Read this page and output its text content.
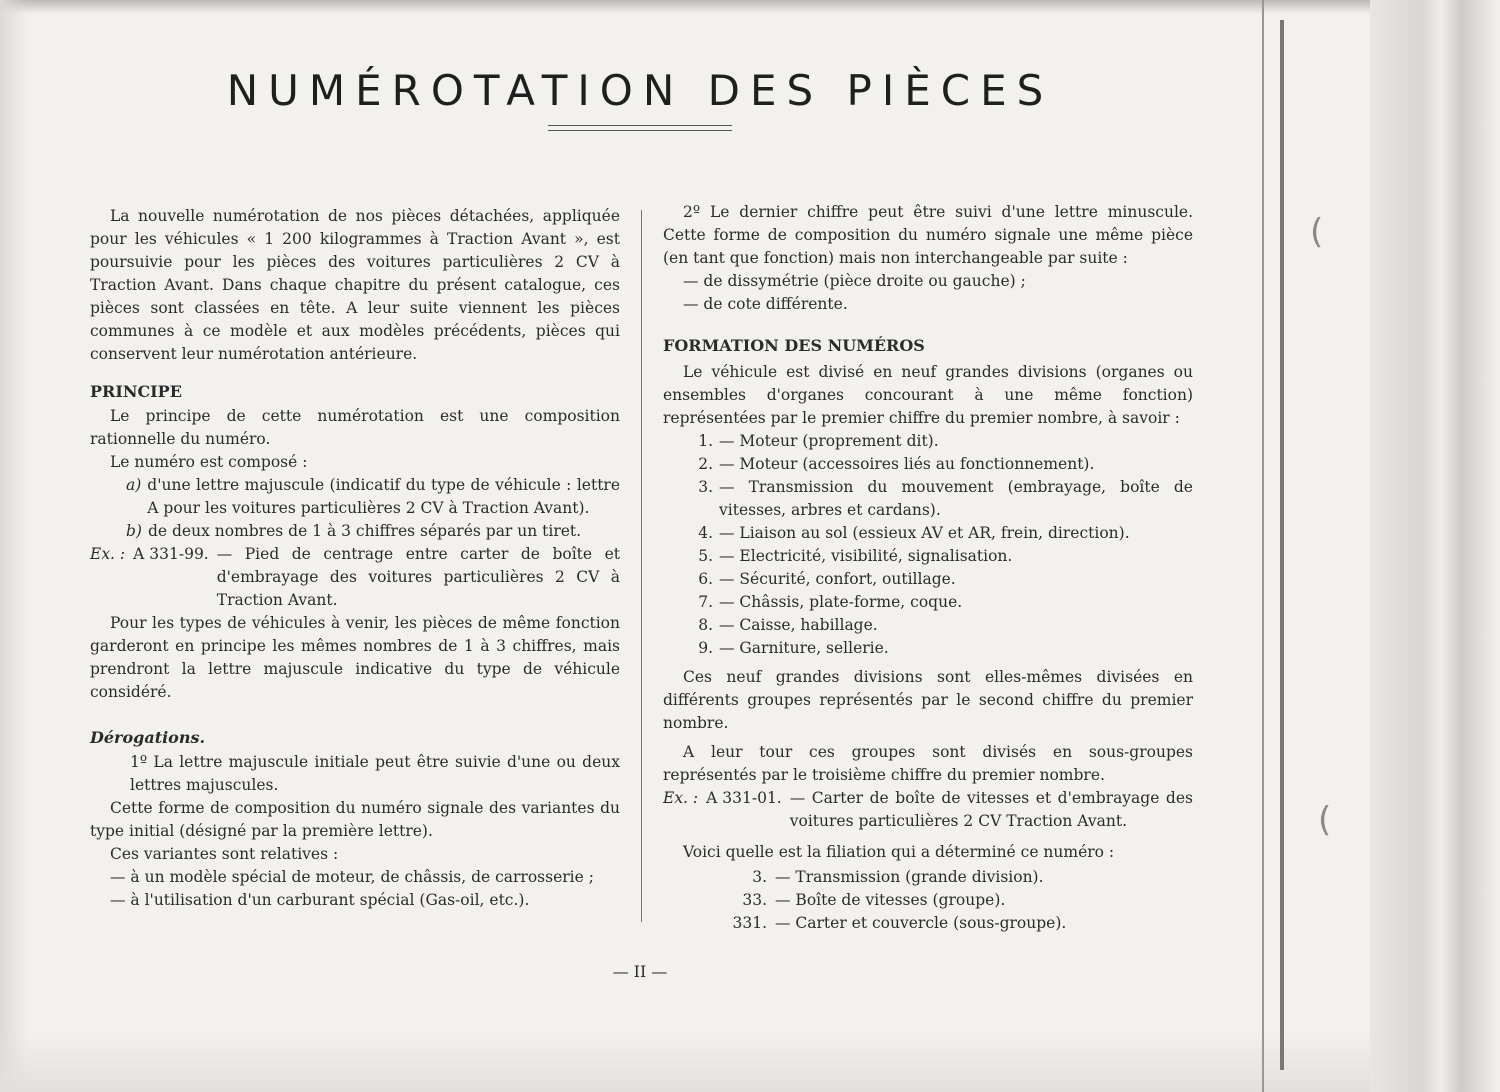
(
(
NUMÉROTATION DES PIÈCES

La nouvelle numérotation de nos pièces détachées, appliquée pour les véhicules « 1 200 kilogrammes à Traction Avant », est poursuivie pour les pièces des voitures particulières 2 CV à Traction Avant. Dans chaque chapitre du présent catalogue, ces pièces sont classées en tête. A leur suite viennent les pièces communes à ce modèle et aux modèles précédents, pièces qui conservent leur numérotation antérieure.

PRINCIPE

Le principe de cette numérotation est une composition rationnelle du numéro.

Le numéro est composé :

a) d'une lettre majuscule (indicatif du type de véhicule : lettre A pour les voitures particulières 2 CV à Traction Avant).
b) de deux nombres de 1 à 3 chiffres séparés par un tiret.
Ex. : A 331-99. — Pied de centrage entre carter de boîte et d'embrayage des voitures particulières 2 CV à Traction Avant.

Pour les types de véhicules à venir, les pièces de même fonction garderont en principe les mêmes nombres de 1 à 3 chiffres, mais prendront la lettre majuscule indicative du type de véhicule considéré.

Dérogations.

1º La lettre majuscule initiale peut être suivie d'une ou deux lettres majuscules.

Cette forme de composition du numéro signale des variantes du type initial (désigné par la première lettre).

Ces variantes sont relatives :

— à un modèle spécial de moteur, de châssis, de carrosserie ;

— à l'utilisation d'un carburant spécial (Gas-oil, etc.).

2º Le dernier chiffre peut être suivi d'une lettre minuscule. Cette forme de composition du numéro signale une même pièce (en tant que fonction) mais non interchangeable par suite :

— de dissymétrie (pièce droite ou gauche) ;

— de cote différente.

FORMATION DES NUMÉROS

Le véhicule est divisé en neuf grandes divisions (organes ou ensembles d'organes concourant à une même fonction) représentées par le premier chiffre du premier nombre, à savoir :

1. — Moteur (proprement dit).
2. — Moteur (accessoires liés au fonctionnement).
3. — Transmission du mouvement (embrayage, boîte de vitesses, arbres et cardans).
4. — Liaison au sol (essieux AV et AR, frein, direction).
5. — Electricité, visibilité, signalisation.
6. — Sécurité, confort, outillage.
7. — Châssis, plate-forme, coque.
8. — Caisse, habillage.
9. — Garniture, sellerie.

Ces neuf grandes divisions sont elles-mêmes divisées en différents groupes représentés par le second chiffre du premier nombre.

A leur tour ces groupes sont divisés en sous-groupes représentés par le troisième chiffre du premier nombre.

Ex. : A 331-01. — Carter de boîte de vitesses et d'embrayage des voitures particulières 2 CV Traction Avant.

Voici quelle est la filiation qui a déterminé ce numéro :

3. — Transmission (grande division).
33. — Boîte de vitesses (groupe).
331. — Carter et couvercle (sous-groupe).
— II —
